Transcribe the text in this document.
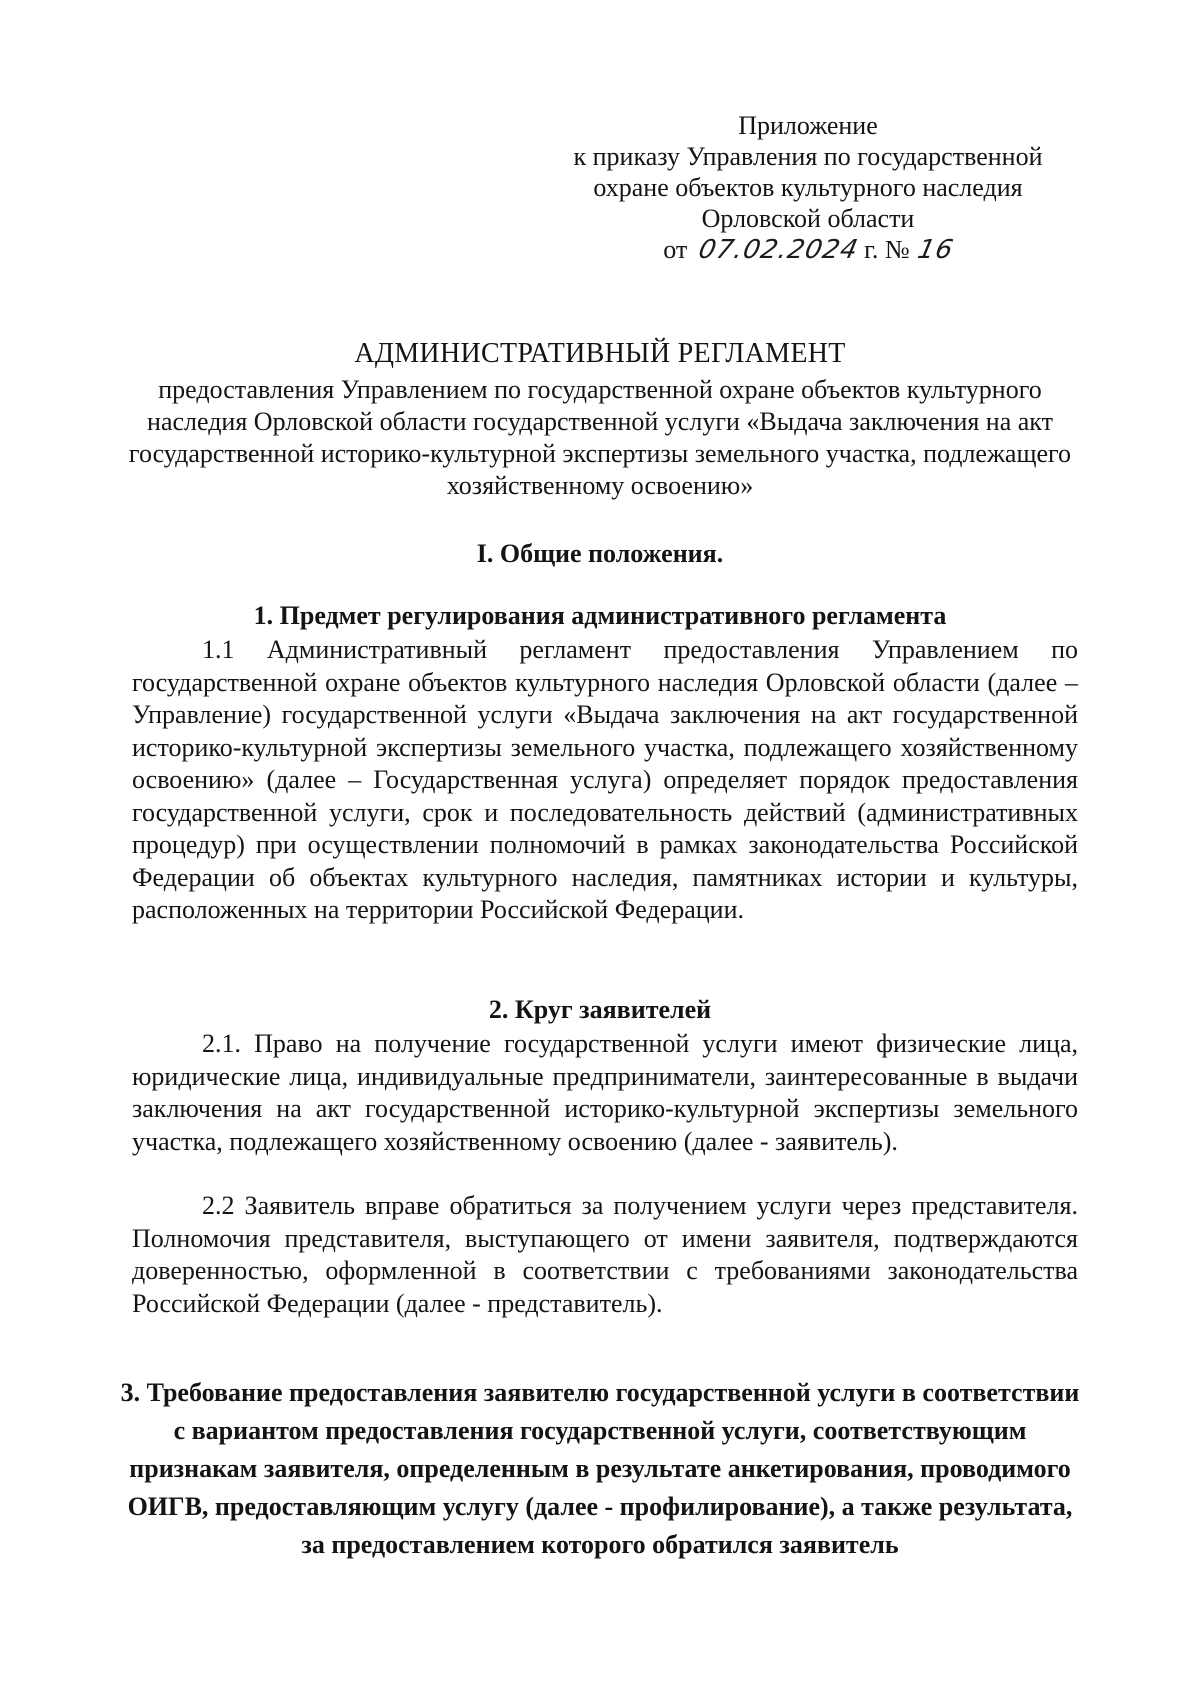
Приложение
к приказу Управления по государственной
охране объектов культурного наследия
Орловской области
от 07.02.2024 г. № 16
АДМИНИСТРАТИВНЫЙ РЕГЛАМЕНТ
предоставления Управлением по государственной охране объектов культурного наследия Орловской области государственной услуги «Выдача заключения на акт государственной историко-культурной экспертизы земельного участка, подлежащего хозяйственному освоению»
I. Общие положения.
1. Предмет регулирования административного регламента
1.1 Административный регламент предоставления Управлением по государственной охране объектов культурного наследия Орловской области (далее – Управление) государственной услуги «Выдача заключения на акт государственной историко-культурной экспертизы земельного участка, подлежащего хозяйственному освоению» (далее – Государственная услуга) определяет порядок предоставления государственной услуги, срок и последовательность действий (административных процедур) при осуществлении полномочий в рамках законодательства Российской Федерации об объектах культурного наследия, памятниках истории и культуры, расположенных на территории Российской Федерации.
2. Круг заявителей
2.1. Право на получение государственной услуги имеют физические лица, юридические лица, индивидуальные предприниматели, заинтересованные в выдачи заключения на акт государственной историко-культурной экспертизы земельного участка, подлежащего хозяйственному освоению (далее - заявитель).
2.2 Заявитель вправе обратиться за получением услуги через представителя. Полномочия представителя, выступающего от имени заявителя, подтверждаются доверенностью, оформленной в соответствии с требованиями законодательства Российской Федерации (далее - представитель).
3. Требование предоставления заявителю государственной услуги в соответствии с вариантом предоставления государственной услуги, соответствующим признакам заявителя, определенным в результате анкетирования, проводимого ОИГВ, предоставляющим услугу (далее - профилирование), а также результата, за предоставлением которого обратился заявитель
